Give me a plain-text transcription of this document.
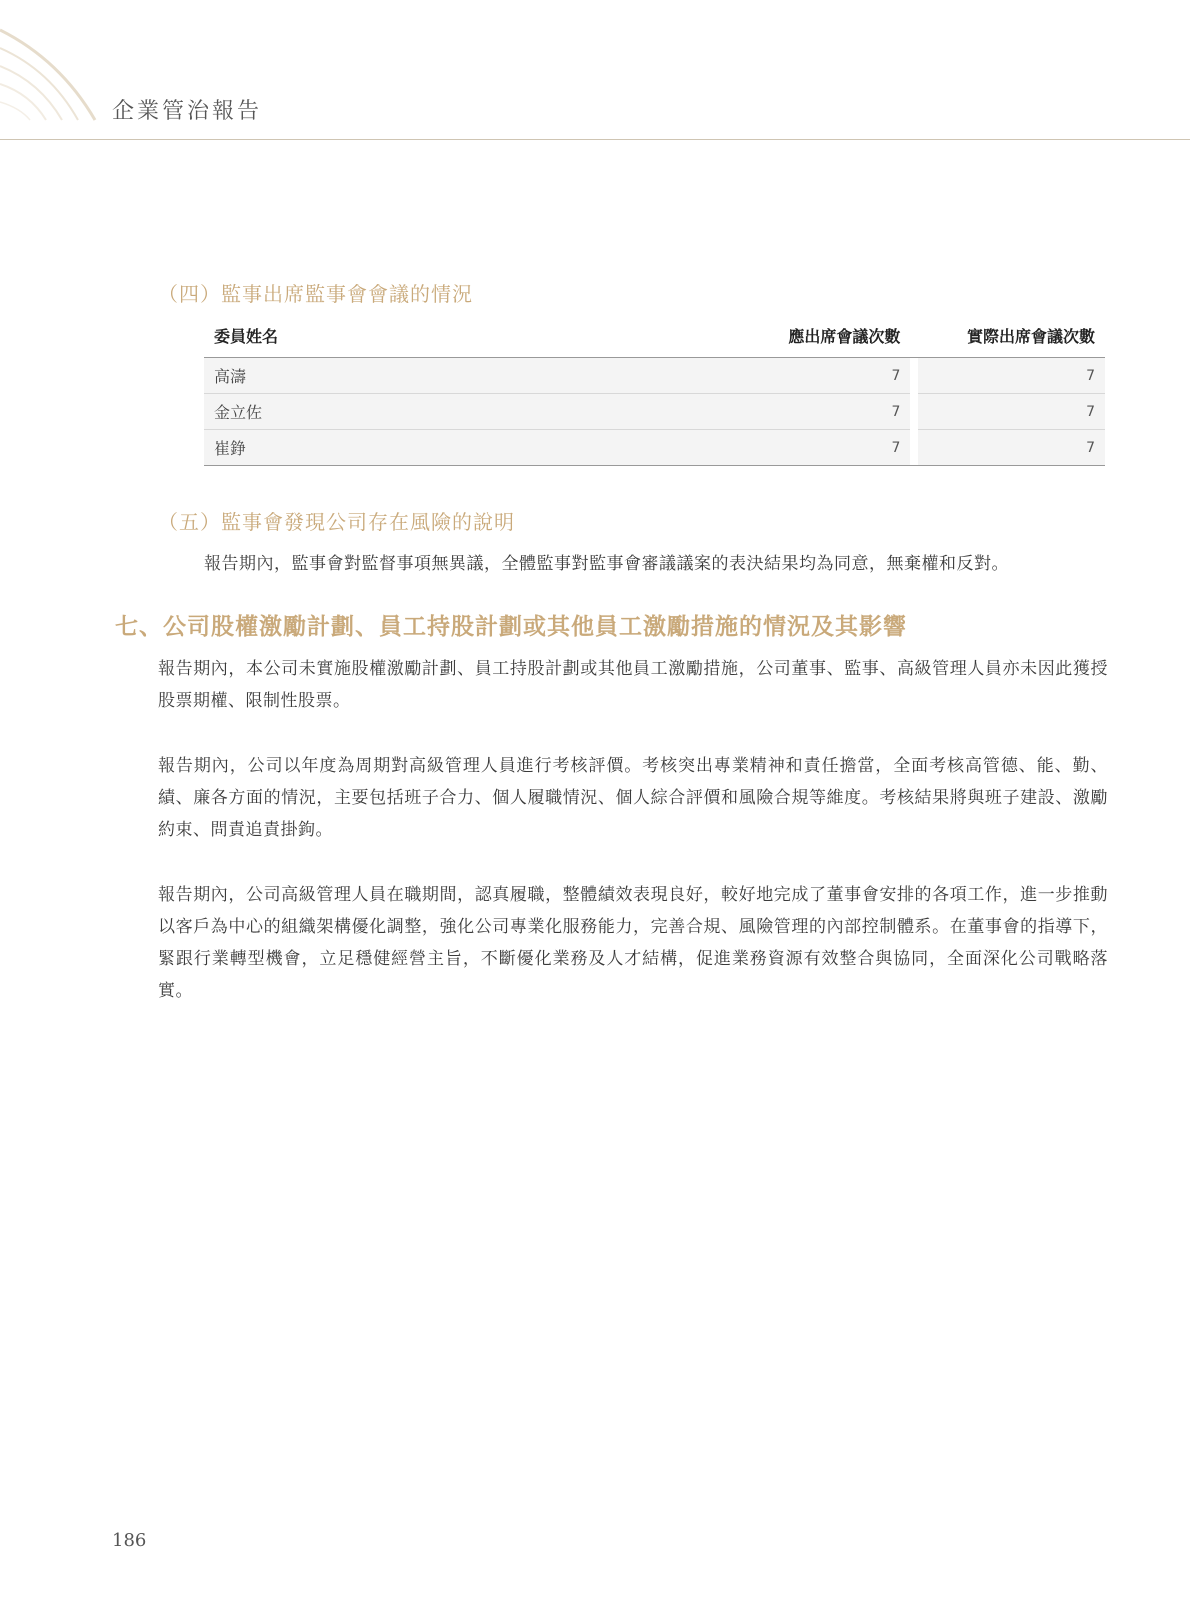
企業管治報告
（四）監事出席監事會會議的情況
委員姓名	應出席會議次數		實際出席會議次數
高濤	7		7
金立佐	7		7
崔錚	7		7
（五）監事會發現公司存在風險的說明
報告期內，監事會對監督事項無異議，全體監事對監事會審議議案的表決結果均為同意，無棄權和反對。
七、公司股權激勵計劃、員工持股計劃或其他員工激勵措施的情況及其影響
報告期內，本公司未實施股權激勵計劃、員工持股計劃或其他員工激勵措施，公司董事、監事、高級管理人員亦未因此獲授股票期權、限制性股票。
報告期內，公司以年度為周期對高級管理人員進行考核評價。考核突出專業精神和責任擔當，全面考核高管德、能、勤、績、廉各方面的情況，主要包括班子合力、個人履職情況、個人綜合評價和風險合規等維度。考核結果將與班子建設、激勵約束、問責追責掛鉤。
報告期內，公司高級管理人員在職期間，認真履職，整體績效表現良好，較好地完成了董事會安排的各項工作，進一步推動以客戶為中心的組織架構優化調整，強化公司專業化服務能力，完善合規、風險管理的內部控制體系。在董事會的指導下，緊跟行業轉型機會，立足穩健經營主旨，不斷優化業務及人才結構，促進業務資源有效整合與協同，全面深化公司戰略落實。
186
